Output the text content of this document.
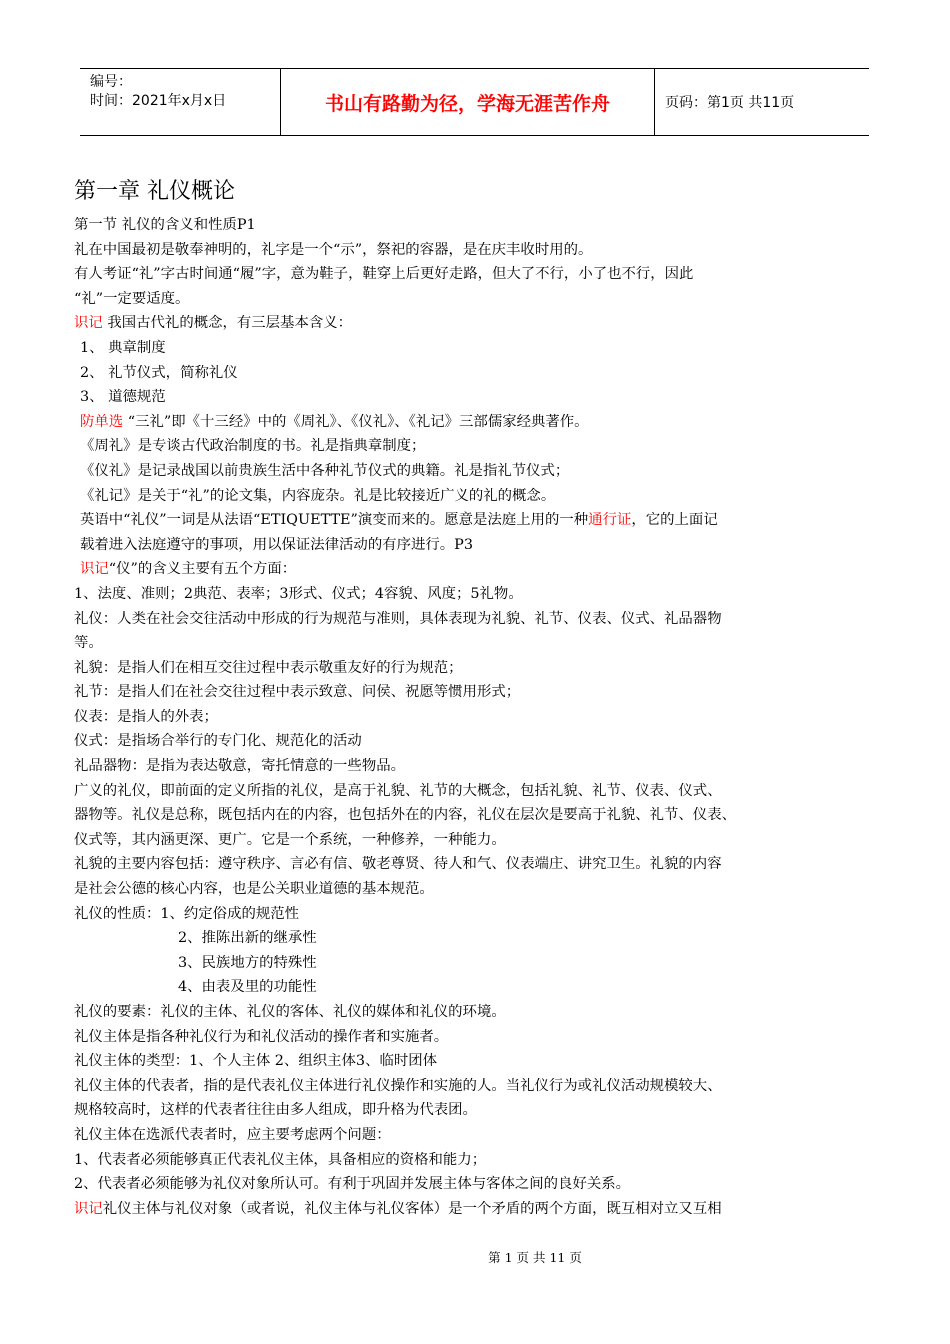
编号：
时间：2021年x月x日	书山有路勤为径，学海无涯苦作舟	页码：第1页 共11页
第一章 礼仪概论
第一节 礼仪的含义和性质P1
礼在中国最初是敬奉神明的，礼字是一个“示”，祭祀的容器，是在庆丰收时用的。
有人考证“礼”字古时间通“履”字，意为鞋子，鞋穿上后更好走路，但大了不行，小了也不行，因此
“礼”一定要适度。
识记 我国古代礼的概念，有三层基本含义：
1、 典章制度
2、 礼节仪式，简称礼仪
3、 道德规范
防单选 “三礼”即《十三经》中的《周礼》、《仪礼》、《礼记》三部儒家经典著作。
《周礼》是专谈古代政治制度的书。礼是指典章制度；
《仪礼》是记录战国以前贵族生活中各种礼节仪式的典籍。礼是指礼节仪式；
《礼记》是关于“礼”的论文集，内容庞杂。礼是比较接近广义的礼的概念。
英语中“礼仪”一词是从法语“ETIQUETTE”演变而来的。愿意是法庭上用的一种通行证，它的上面记
载着进入法庭遵守的事项，用以保证法律活动的有序进行。P3
识记“仪”的含义主要有五个方面：
1、法度、准则；2典范、表率；3形式、仪式；4容貌、风度；5礼物。
礼仪：人类在社会交往活动中形成的行为规范与准则，具体表现为礼貌、礼节、仪表、仪式、礼品器物
等。
礼貌：是指人们在相互交往过程中表示敬重友好的行为规范；
礼节：是指人们在社会交往过程中表示致意、问侯、祝愿等惯用形式；
仪表：是指人的外表；
仪式：是指场合举行的专门化、规范化的活动
礼品器物：是指为表达敬意，寄托情意的一些物品。
广义的礼仪，即前面的定义所指的礼仪，是高于礼貌、礼节的大概念，包括礼貌、礼节、仪表、仪式、
器物等。礼仪是总称，既包括内在的内容，也包括外在的内容，礼仪在层次是要高于礼貌、礼节、仪表、
仪式等，其内涵更深、更广。它是一个系统，一种修养，一种能力。
礼貌的主要内容包括：遵守秩序、言必有信、敬老尊贤、待人和气、仪表端庄、讲究卫生。礼貌的内容
是社会公德的核心内容，也是公关职业道德的基本规范。
礼仪的性质：1、约定俗成的规范性
2、推陈出新的继承性
3、民族地方的特殊性
4、由表及里的功能性
礼仪的要素：礼仪的主体、礼仪的客体、礼仪的媒体和礼仪的环境。
礼仪主体是指各种礼仪行为和礼仪活动的操作者和实施者。
礼仪主体的类型：1、个人主体 2、组织主体3、临时团体
礼仪主体的代表者，指的是代表礼仪主体进行礼仪操作和实施的人。当礼仪行为或礼仪活动规模较大、
规格较高时，这样的代表者往往由多人组成，即升格为代表团。
礼仪主体在选派代表者时，应主要考虑两个问题：
1、代表者必须能够真正代表礼仪主体，具备相应的资格和能力；
2、代表者必须能够为礼仪对象所认可。有利于巩固并发展主体与客体之间的良好关系。
识记礼仪主体与礼仪对象（或者说，礼仪主体与礼仪客体）是一个矛盾的两个方面，既互相对立又互相
第 1 页 共 11 页
